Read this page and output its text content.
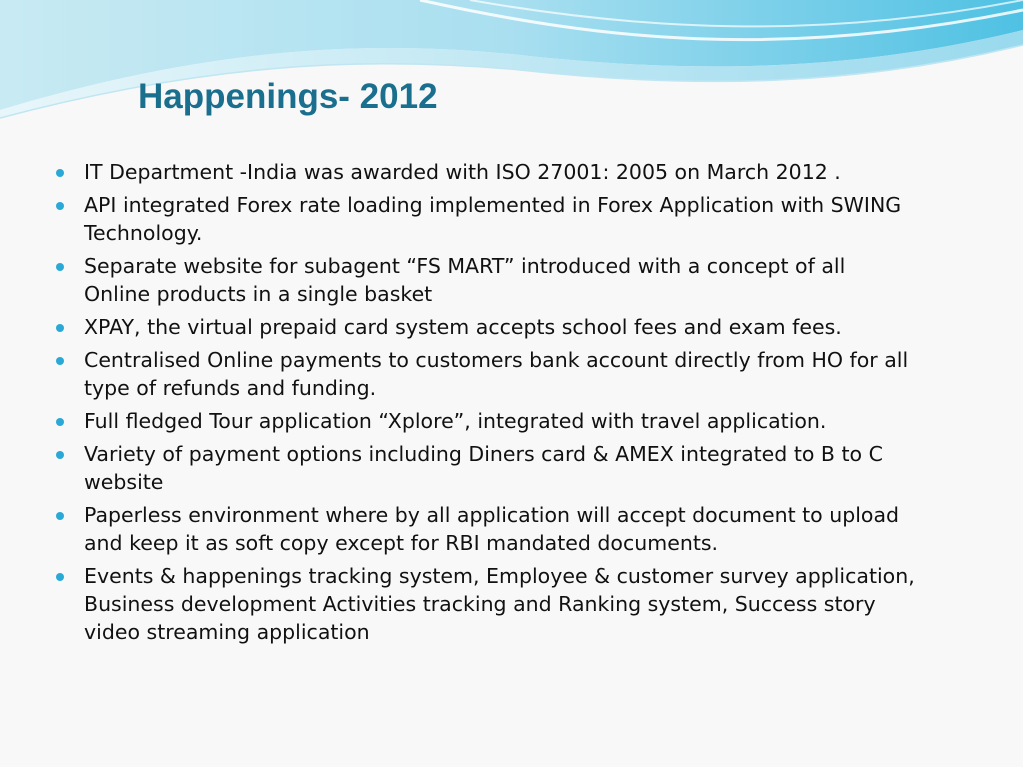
Happenings- 2012
IT Department -India was awarded with ISO 27001: 2005 on March 2012 .
API integrated Forex rate loading implemented in Forex Application with SWING Technology.
Separate website for subagent “FS MART” introduced with a concept of all Online products in a single basket
XPAY, the virtual prepaid card system accepts school fees and exam fees.
Centralised Online payments to customers bank account directly from HO for all type of refunds and funding.
Full fledged Tour application “Xplore”, integrated with travel application.
Variety of payment options including Diners card & AMEX integrated to B to C website
Paperless environment where by all application will accept document to upload and keep it as soft copy except for RBI mandated documents.
Events & happenings tracking system, Employee & customer survey application, Business development Activities tracking and Ranking system, Success story video streaming application
